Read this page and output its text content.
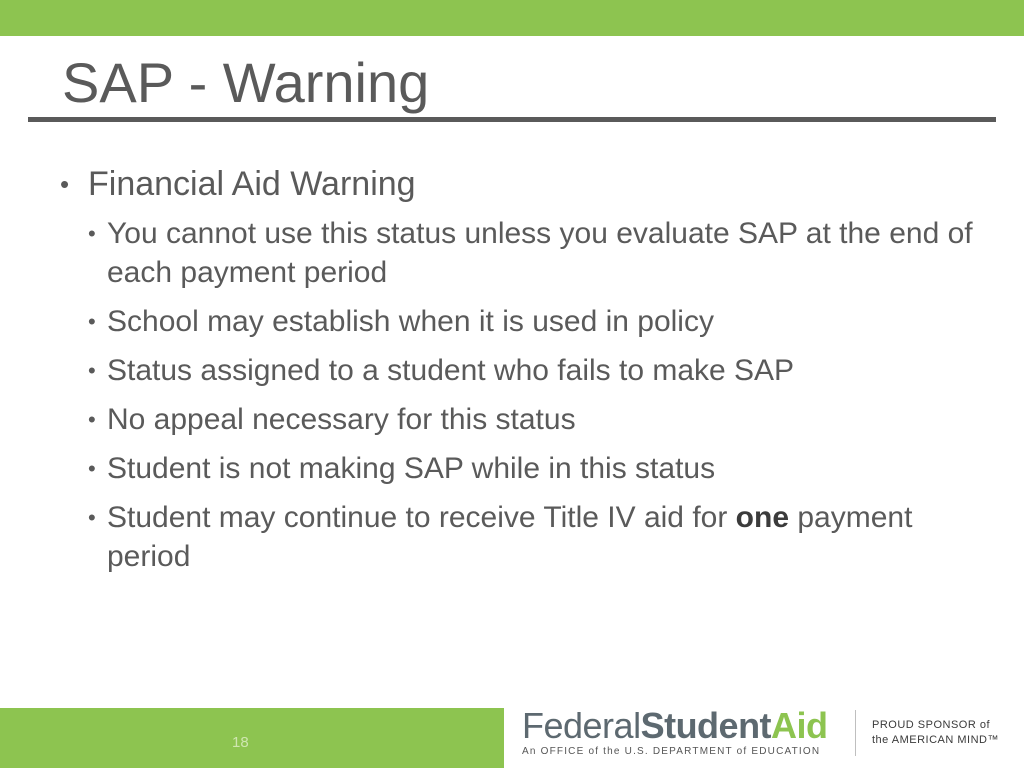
SAP - Warning
• Financial Aid Warning
• You cannot use this status unless you evaluate SAP at the end of each payment period
• School may establish when it is used in policy
• Status assigned to a student who fails to make SAP
• No appeal necessary for this status
• Student is not making SAP while in this status
• Student may continue to receive Title IV aid for one payment period
18	FederalStudentAid
An OFFICE of the U.S. DEPARTMENT of EDUCATION
PROUD SPONSOR of
the AMERICAN MIND™
